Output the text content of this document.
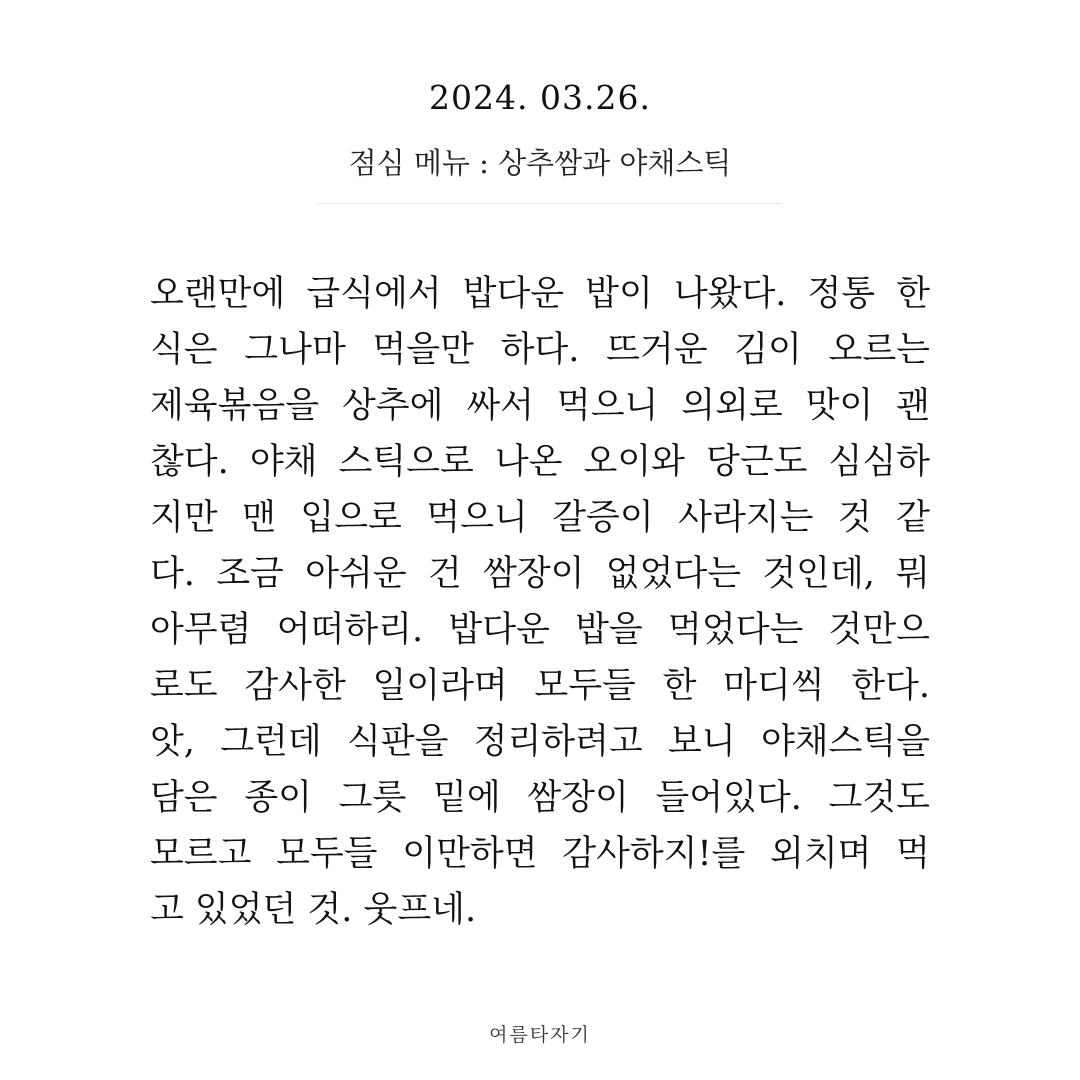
2024. 03.26.
점심 메뉴 : 상추쌈과 야채스틱
오랜만에 급식에서 밥다운 밥이 나왔다. 정통 한
식은 그나마 먹을만 하다. 뜨거운 김이 오르는
제육볶음을 상추에 싸서 먹으니 의외로 맛이 괜
찮다. 야채 스틱으로 나온 오이와 당근도 심심하
지만 맨 입으로 먹으니 갈증이 사라지는 것 같
다. 조금 아쉬운 건 쌈장이 없었다는 것인데, 뭐
아무렴 어떠하리. 밥다운 밥을 먹었다는 것만으
로도 감사한 일이라며 모두들 한 마디씩 한다.
앗, 그런데 식판을 정리하려고 보니 야채스틱을
담은 종이 그릇 밑에 쌈장이 들어있다. 그것도
모르고 모두들 이만하면 감사하지!를 외치며 먹
고 있었던 것. 웃프네.
여름타자기
